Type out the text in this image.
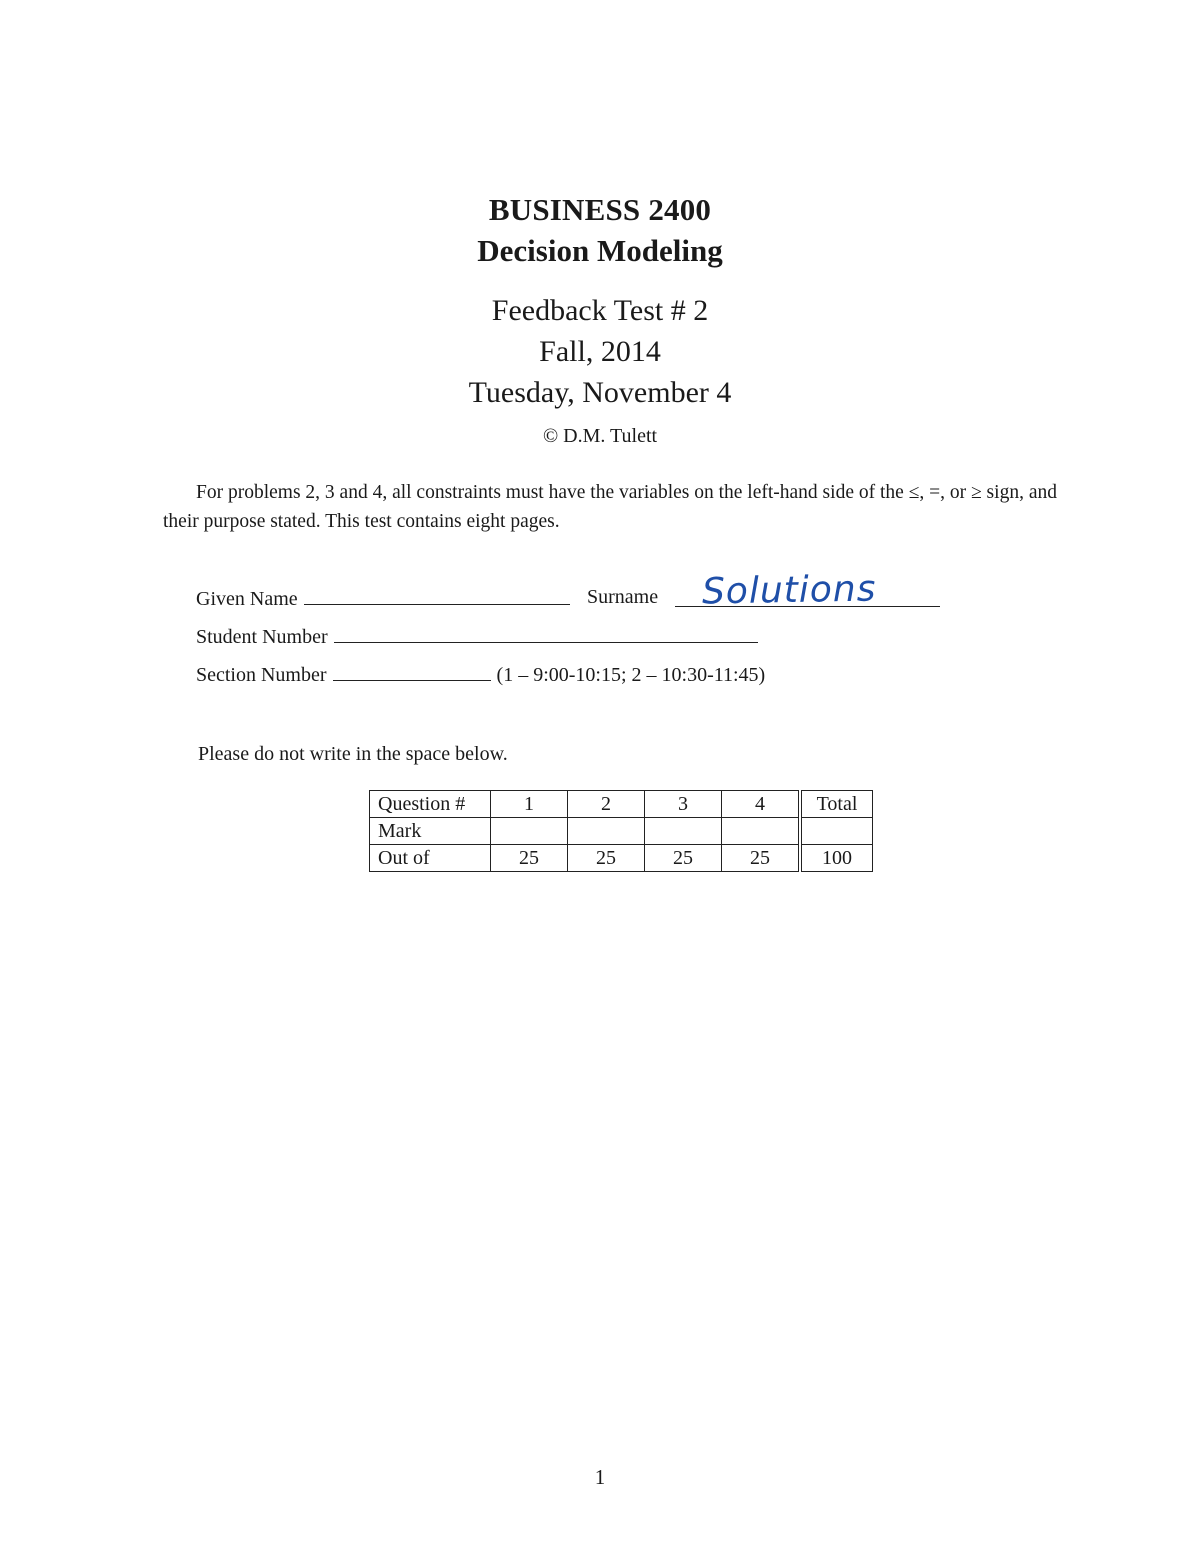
BUSINESS 2400
Decision Modeling
Feedback Test # 2
Fall, 2014
Tuesday, November 4
© D.M. Tulett
For problems 2, 3 and 4, all constraints must have the variables on the left-hand side of the ≤, =, or ≥ sign, and their purpose stated. This test contains eight pages.
Given Name	Surname Solutions
Student Number
Section Number	(1 – 9:00-10:15; 2 – 10:30-11:45)
Please do not write in the space below.
Question #	1	2	3	4	Total
Mark					
Out of	25	25	25	25	100
1
